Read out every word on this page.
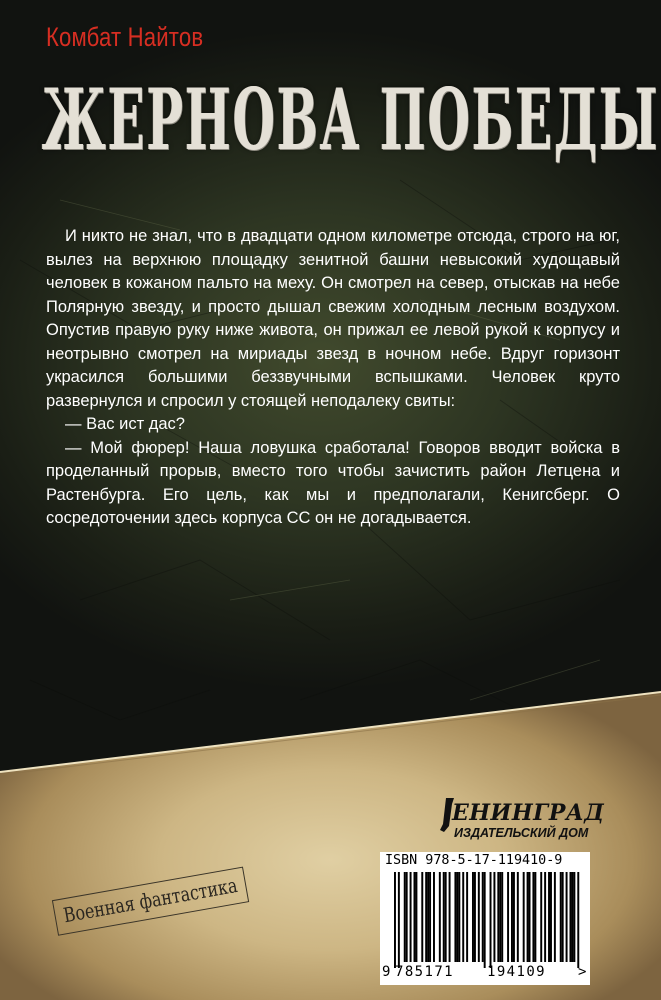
Комбат Найтов
ЖЕРНОВА ПОБЕДЫ

И никто не знал, что в двадцати одном километре отсюда, строго на юг, вылез на верхнюю площадку зенитной башни невысокий худощавый человек в кожаном пальто на меху. Он смотрел на север, отыскав на небе Полярную звезду, и просто дышал свежим холодным лесным воздухом. Опустив правую руку ниже живота, он прижал ее левой рукой к корпусу и неотрывно смотрел на мириады звезд в ночном небе. Вдруг горизонт украсился большими беззвучными вспышками. Человек круто развернулся и спросил у стоящей неподалеку свиты:

— Вас ист дас?

— Мой фюрер! Наша ловушка сработала! Говоров вводит войска в проделанный прорыв, вместо того чтобы зачистить район Летцена и Растенбурга. Его цель, как мы и предполагали, Кенигсберг. О сосредоточении здесь корпуса СС он не догадывается.

ЕНИНГРАД
ИЗДАТЕЛЬСКИЙ ДОМ
Военная фантастика
ISBN 978-5-17-119410-9
9 785171 194109 >
